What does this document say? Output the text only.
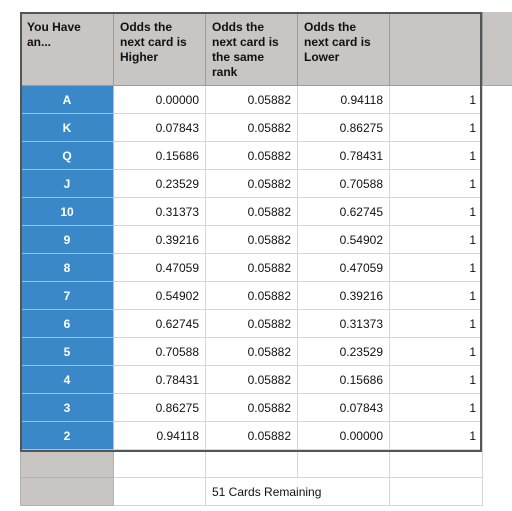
You Have an...	Odds the next card is Higher	Odds the next card is the same rank	Odds the next card is Lower	
A	0.00000	0.05882	0.94118	1
K	0.07843	0.05882	0.86275	1
Q	0.15686	0.05882	0.78431	1
J	0.23529	0.05882	0.70588	1
10	0.31373	0.05882	0.62745	1
9	0.39216	0.05882	0.54902	1
8	0.47059	0.05882	0.47059	1
7	0.54902	0.05882	0.39216	1
6	0.62745	0.05882	0.31373	1
5	0.70588	0.05882	0.23529	1
4	0.78431	0.05882	0.15686	1
3	0.86275	0.05882	0.07843	1
2	0.94118	0.05882	0.00000	1

		51 Cards Remaining		
